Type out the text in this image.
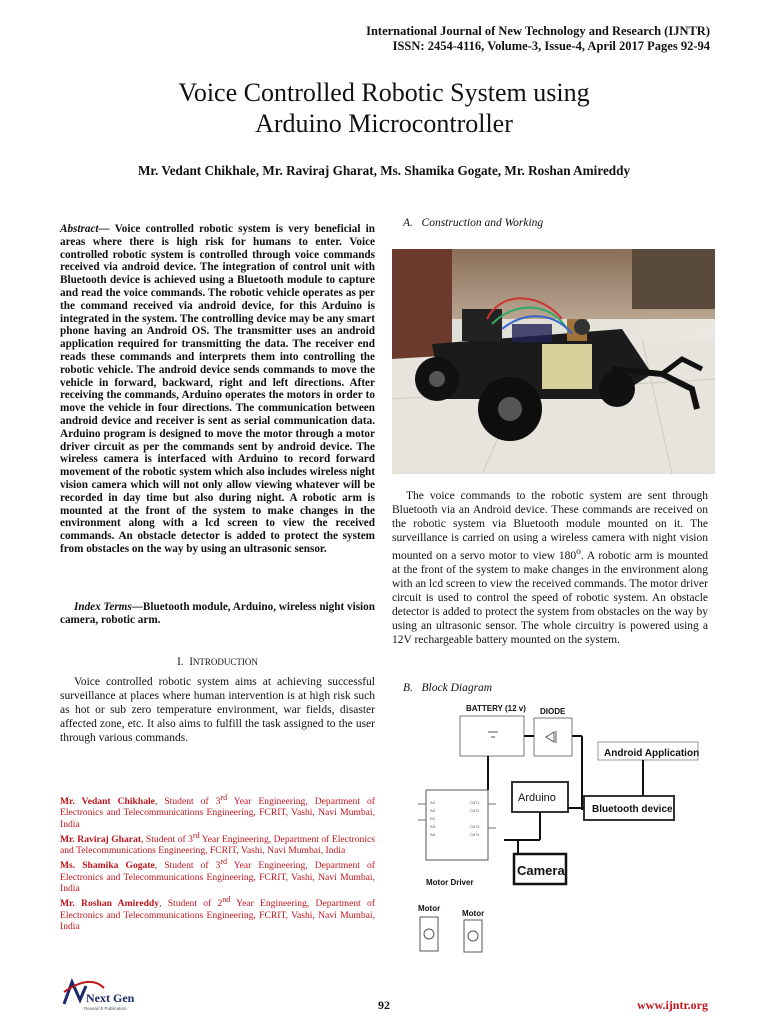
International Journal of New Technology and Research (IJNTR)
ISSN: 2454-4116, Volume-3, Issue-4, April 2017 Pages 92-94
Voice Controlled Robotic System using
Arduino Microcontroller
Mr. Vedant Chikhale, Mr. Raviraj Gharat, Ms. Shamika Gogate, Mr. Roshan Amireddy
Abstract— Voice controlled robotic system is very beneficial in areas where there is high risk for humans to enter. Voice controlled robotic system is controlled through voice commands received via android device. The integration of control unit with Bluetooth device is achieved using a Bluetooth module to capture and read the voice commands. The robotic vehicle operates as per the command received via android device, for this Arduino is integrated in the system. The controlling device may be any smart phone having an Android OS. The transmitter uses an android application required for transmitting the data. The receiver end reads these commands and interprets them into controlling the robotic vehicle. The android device sends commands to move the vehicle in forward, backward, right and left directions. After receiving the commands, Arduino operates the motors in order to move the vehicle in four directions. The communication between android device and receiver is sent as serial communication data. Arduino program is designed to move the motor through a motor driver circuit as per the commands sent by android device. The wireless camera is interfaced with Arduino to record forward movement of the robotic system which also includes wireless night vision camera which will not only allow viewing whatever will be recorded in day time but also during night. A robotic arm is mounted at the front of the system to make changes in the environment along with a lcd screen to view the received commands. An obstacle detector is added to protect the system from obstacles on the way by using an ultrasonic sensor.
Index Terms—Bluetooth module, Arduino, wireless night vision camera, robotic arm.
I. INTRODUCTION
Voice controlled robotic system aims at achieving successful surveillance at places where human intervention is at high risk such as hot or sub zero temperature environment, war fields, disaster affected zone, etc. It also aims to fulfill the task assigned to the user through various commands.
Mr. Vedant Chikhale, Student of 3rd Year Engineering, Department of Electronics and Telecommunications Engineering, FCRIT, Vashi, Navi Mumbai, India
Mr. Raviraj Gharat, Student of 3rd Year Engineering, Department of Electronics and Telecommunications Engineering, FCRIT, Vashi, Navi Mumbai, India
Ms. Shamika Gogate, Student of 3rd Year Engineering, Department of Electronics and Telecommunications Engineering, FCRIT, Vashi, Navi Mumbai, India
Mr. Roshan Amireddy, Student of 2nd Year Engineering, Department of Electronics and Telecommunications Engineering, FCRIT, Vashi, Navi Mumbai, India
A.   Construction and Working
The voice commands to the robotic system are sent through Bluetooth via an Android device. These commands are received on the robotic system via Bluetooth module mounted on it. The surveillance is carried on using a wireless camera with night vision mounted on a servo motor to view 180$^o$. A robotic arm is mounted at the front of the system to make changes in the environment along with an lcd screen to view the received commands. The motor driver circuit is used to control the speed of robotic system. An obstacle detector is added to protect the system from obstacles on the way by using an ultrasonic sensor. The whole circuitry is powered using a 12V rechargeable battery mounted on the system.
B.   Block Diagram
BATTERY (12 v) DIODE
Android Application
Arduino
Bluetooth device
Camera
IN1
IN2
EN
IN3
IN4
OUT1
OUT2
OUT3
OUT4
Motor Driver
Motor
Motor
Next Gen
Research Publication	92	www.ijntr.org
